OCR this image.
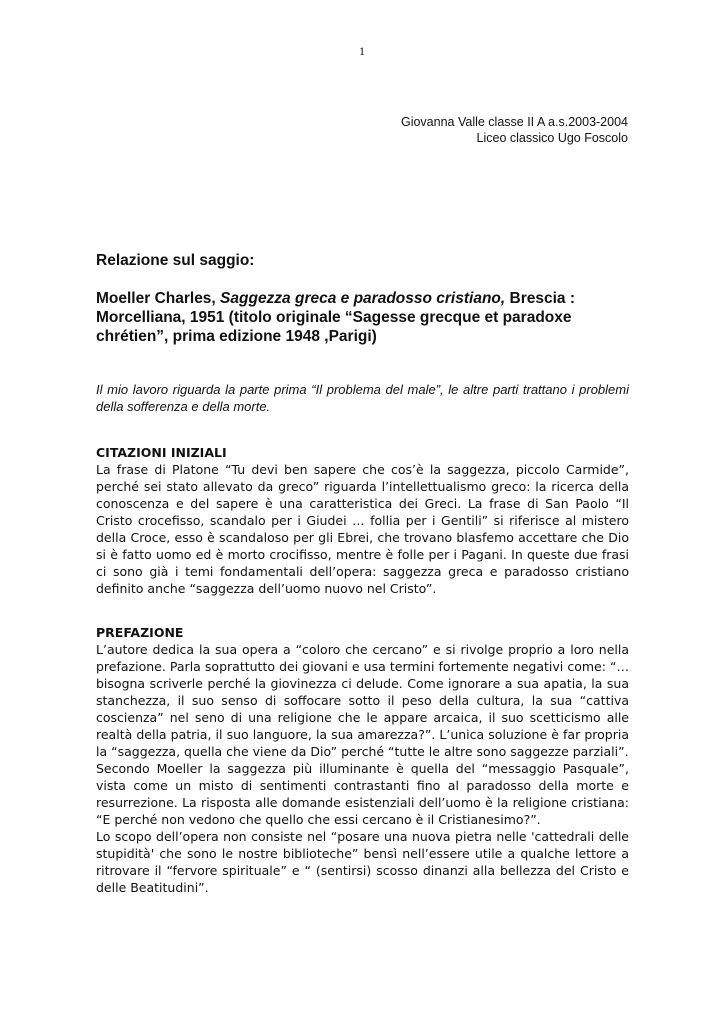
1
Giovanna Valle classe II A a.s.2003-2004
Liceo classico Ugo Foscolo
Relazione sul saggio:

Moeller Charles, Saggezza greca e paradosso cristiano, Brescia : Morcelliana, 1951 (titolo originale “Sagesse grecque et paradoxe chrétien”, prima edizione 1948 ,Parigi)

Il mio lavoro riguarda la parte prima “Il problema del male”, le altre parti trattano i problemi della sofferenza e della morte.

CITAZIONI INIZIALI

La frase di Platone “Tu devi ben sapere che cos’è la saggezza, piccolo Carmide”, perché sei stato allevato da greco” riguarda l’intellettualismo greco: la ricerca della conoscenza e del sapere è una caratteristica dei Greci. La frase di San Paolo “Il Cristo crocefisso, scandalo per i Giudei … follia per i Gentili” si riferisce al mistero della Croce, esso è scandaloso per gli Ebrei, che trovano blasfemo accettare che Dio si è fatto uomo ed è morto crocifisso, mentre è folle per i Pagani. In queste due frasi ci sono già i temi fondamentali dell’opera: saggezza greca e paradosso cristiano definito anche “saggezza dell’uomo nuovo nel Cristo”.

PREFAZIONE

L’autore dedica la sua opera a “coloro che cercano” e si rivolge proprio a loro nella prefazione. Parla soprattutto dei giovani e usa termini fortemente negativi come: “… bisogna scriverle perché la giovinezza ci delude. Come ignorare a sua apatia, la sua stanchezza, il suo senso di soffocare sotto il peso della cultura, la sua “cattiva coscienza” nel seno di una religione che le appare arcaica, il suo scetticismo alle realtà della patria, il suo languore, la sua amarezza?”. L’unica soluzione è far propria la “saggezza, quella che viene da Dio” perché “tutte le altre sono saggezze parziali”.

Secondo Moeller la saggezza più illuminante è quella del “messaggio Pasquale”, vista come un misto di sentimenti contrastanti fino al paradosso della morte e resurrezione. La risposta alle domande esistenziali dell’uomo è la religione cristiana: “E perché non vedono che quello che essi cercano è il Cristianesimo?”.

Lo scopo dell’opera non consiste nel “posare una nuova pietra nelle 'cattedrali delle stupidità' che sono le nostre biblioteche” bensì nell’essere utile a qualche lettore a ritrovare il “fervore spirituale” e “ (sentirsi) scosso dinanzi alla bellezza del Cristo e delle Beatitudini”.
